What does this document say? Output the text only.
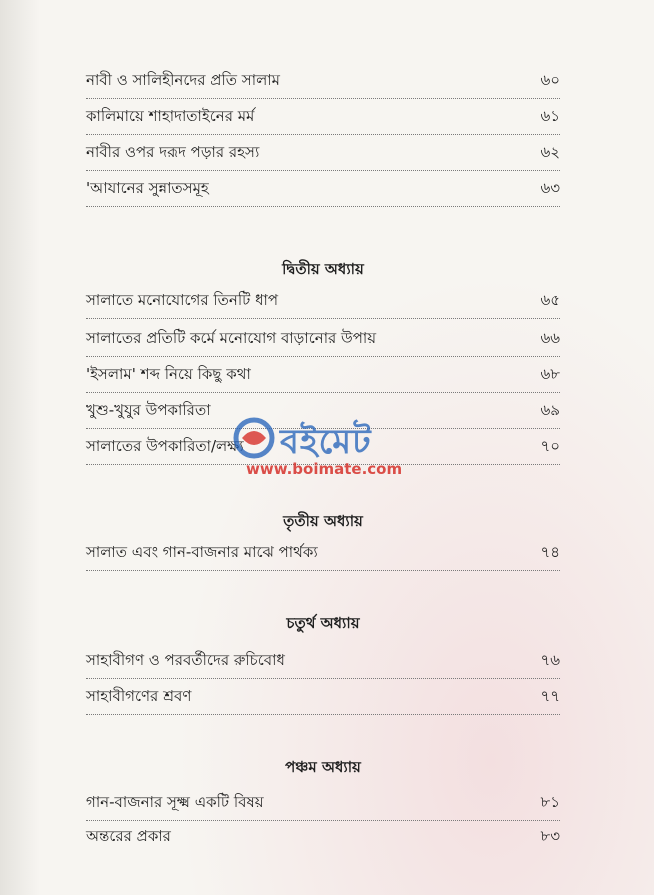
নাবী ও সালিহীনদের প্রতি সালাম	৬০
কালিমায়ে শাহাদাতাইনের মর্ম	৬১
নাবীর ওপর দরূদ পড়ার রহস্য	৬২
'আযানের সুন্নাতসমূহ	৬৩
দ্বিতীয় অধ্যায়
সালাতে মনোযোগের তিনটি ধাপ	৬৫
সালাতের প্রতিটি কর্মে মনোযোগ বাড়ানোর উপায়	৬৬
'ইসলাম' শব্দ নিয়ে কিছু কথা	৬৮
খুশু-খুযুর উপকারিতা	৬৯
সালাতের উপকারিতা/লক্ষ্য	৭০
তৃতীয় অধ্যায়
সালাত এবং গান-বাজনার মাঝে পার্থক্য	৭৪
চতুর্থ অধ্যায়
সাহাবীগণ ও পরবর্তীদের রুচিবোধ	৭৬
সাহাবীগণের শ্রবণ	৭৭
পঞ্চম অধ্যায়
গান-বাজনার সূক্ষ্ম একটি বিষয়	৮১
অন্তরের প্রকার	৮৩
বইমেট
www.boimate.com
